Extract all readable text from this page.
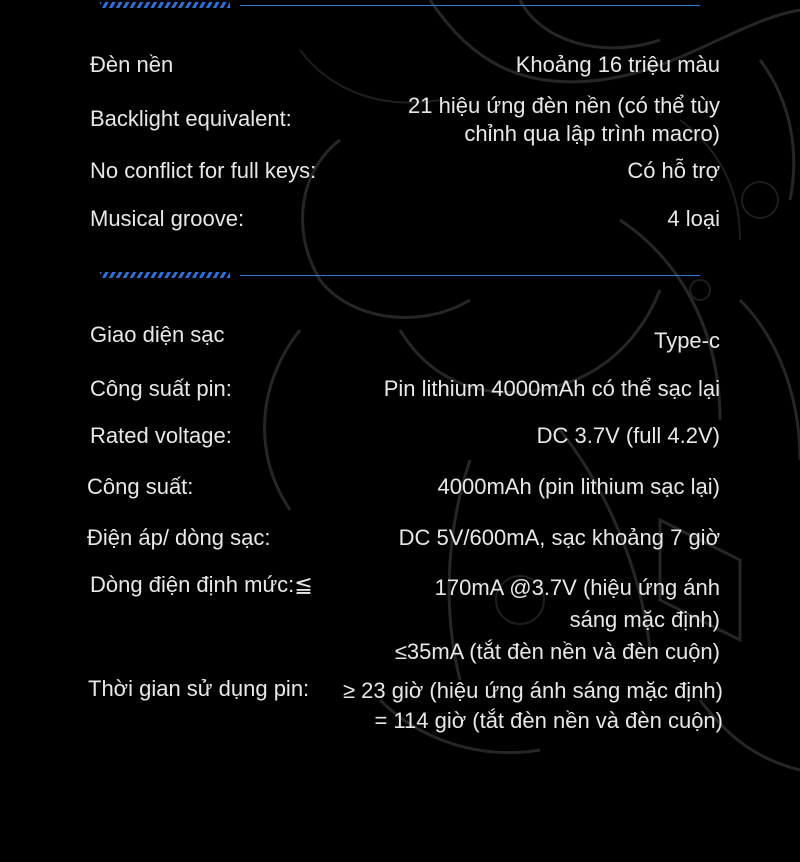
Đèn nền	Khoảng 16 triệu màu
Backlight equivalent:
21 hiệu ứng đèn nền (có thể tùy
chỉnh qua lập trình macro)
No conflict for full keys:	Có hỗ trợ
Musical groove:	4 loại
Giao diện sạc	Type-c
Công suất pin:	Pin lithium 4000mAh có thể sạc lại
Rated voltage:	DC 3.7V (full 4.2V)
Công suất:	4000mAh (pin lithium sạc lại)
Điện áp/ dòng sạc:	DC 5V/600mA, sạc khoảng 7 giờ
Dòng điện định mức:≦	170mA @3.7V (hiệu ứng ánh
sáng mặc định)
≤35mA (tắt đèn nền và đèn cuộn)
Thời gian sử dụng pin: ≥ 23 giờ (hiệu ứng ánh sáng mặc định)
= 114 giờ (tắt đèn nền và đèn cuộn)
